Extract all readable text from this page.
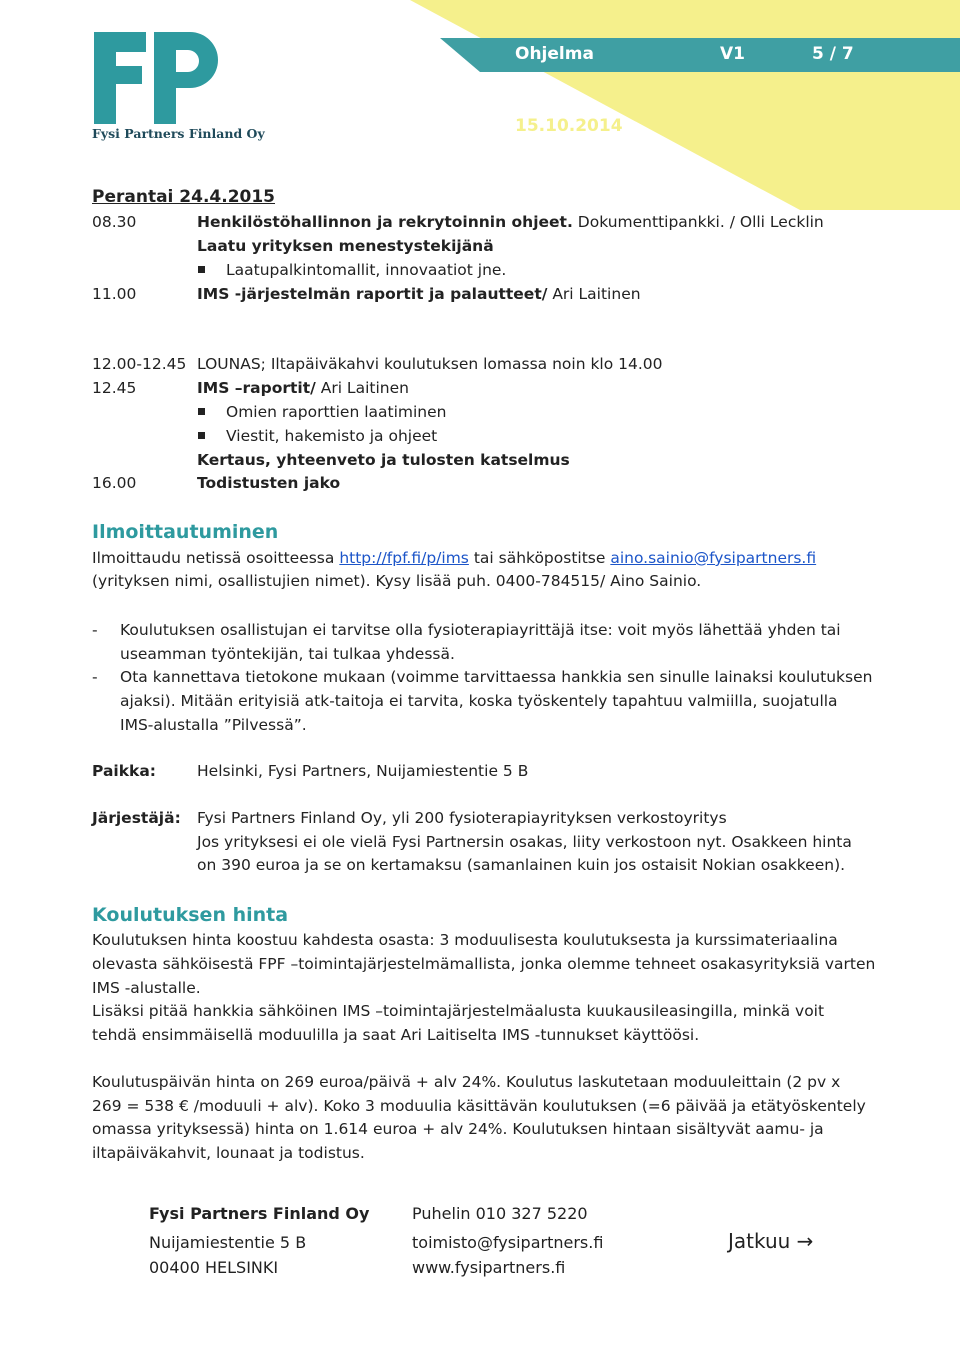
Fysi Partners Finland Oy
Ohjelma	V1	5 / 7
15.10.2014
Perantai 24.4.2015
08.30	Henkilöstöhallinnon ja rekrytoinnin ohjeet. Dokumenttipankki. / Olli Lecklin
Laatu yrityksen menestystekijänä
Laatupalkintomallit, innovaatiot jne.
11.00	IMS -järjestelmän raportit ja palautteet/ Ari Laitinen
12.00-12.45 LOUNAS; Iltapäiväkahvi koulutuksen lomassa noin klo 14.00
12.45	IMS –raportit/ Ari Laitinen
Omien raporttien laatiminen
Viestit, hakemisto ja ohjeet
Kertaus, yhteenveto ja tulosten katselmus
16.00	Todistusten jako
Ilmoittautuminen
Ilmoittaudu netissä osoitteessa http://fpf.fi/p/ims tai sähköpostitse aino.sainio@fysipartners.fi
(yrityksen nimi, osallistujien nimet). Kysy lisää puh. 0400-784515/ Aino Sainio.
- Koulutuksen osallistujan ei tarvitse olla fysioterapiayrittäjä itse: voit myös lähettää yhden tai
useamman työntekijän, tai tulkaa yhdessä.
- Ota kannettava tietokone mukaan (voimme tarvittaessa hankkia sen sinulle lainaksi koulutuksen
ajaksi). Mitään erityisiä atk-taitoja ei tarvita, koska työskentely tapahtuu valmiilla, suojatulla
IMS-alustalla ”Pilvessä”.
Paikka:	Helsinki, Fysi Partners, Nuijamiestentie 5 B
Järjestäjä: Fysi Partners Finland Oy, yli 200 fysioterapiayrityksen verkostoyritys
Jos yrityksesi ei ole vielä Fysi Partnersin osakas, liity verkostoon nyt. Osakkeen hinta
on 390 euroa ja se on kertamaksu (samanlainen kuin jos ostaisit Nokian osakkeen).
Koulutuksen hinta
Koulutuksen hinta koostuu kahdesta osasta: 3 moduulisesta koulutuksesta ja kurssimateriaalina
olevasta sähköisestä FPF –toimintajärjestelmämallista, jonka olemme tehneet osakasyrityksiä varten
IMS -alustalle.
Lisäksi pitää hankkia sähköinen IMS –toimintajärjestelmäalusta kuukausileasingilla, minkä voit
tehdä ensimmäisellä moduulilla ja saat Ari Laitiselta IMS -tunnukset käyttöösi.
Koulutuspäivän hinta on 269 euroa/päivä + alv 24%. Koulutus laskutetaan moduuleittain (2 pv x
269 = 538 € /moduuli + alv). Koko 3 moduulia käsittävän koulutuksen (=6 päivää ja etätyöskentely
omassa yrityksessä) hinta on 1.614 euroa + alv 24%. Koulutuksen hintaan sisältyvät aamu- ja
iltapäiväkahvit, lounaat ja todistus.
Fysi Partners Finland Oy
Nuijamiestentie 5 B
00400 HELSINKI
Puhelin 010 327 5220
toimisto@fysipartners.fi
www.fysipartners.fi
Jatkuu →
